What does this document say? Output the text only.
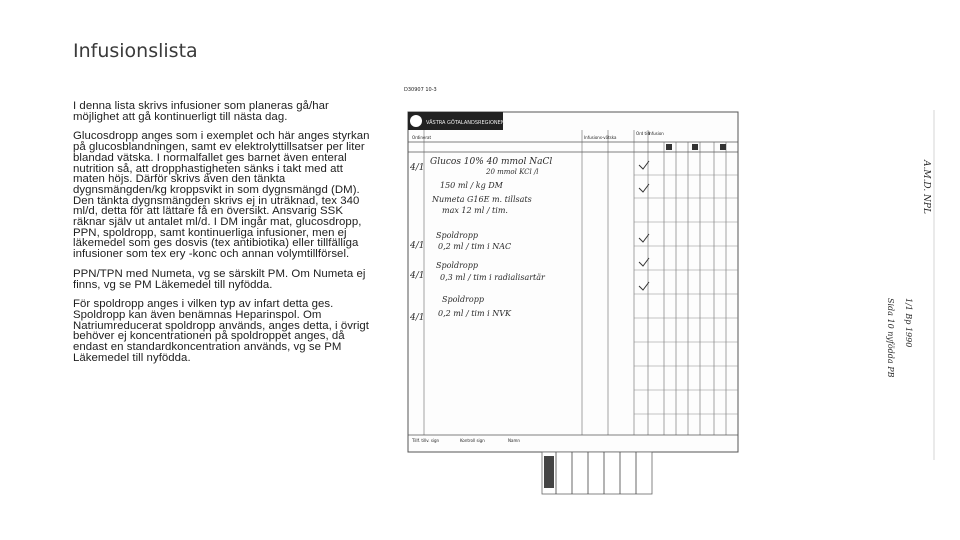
Infusionslista

I denna lista skrivs infusioner som planeras gå/har möjlighet att gå kontinuerligt till nästa dag.

Glucosdropp anges som i exemplet och här anges styrkan på glucosblandningen, samt ev elektrolyttillsatser per liter blandad vätska. I normalfallet ges barnet även enteral nutrition så, att dropphastigheten sänks i takt med att maten höjs. Därför skrivs även den tänkta dygnsmängden/kg kroppsvikt in som dygnsmängd (DM). Den tänkta dygnsmängden skrivs ej in uträknad, tex 340 ml/d, detta för att lättare få en översikt. Ansvarig SSK räknar själv ut antalet ml/d. I DM ingår mat, glucosdropp, PPN, spoldropp, samt kontinuerliga infusioner, men ej läkemedel som ges dosvis (tex antibiotika) eller tillfälliga infusioner som tex ery -konc och annan volymtillförsel.

PPN/TPN med Numeta, vg se särskilt PM. Om Numeta ej finns, vg se PM Läkemedel till nyfödda.

För spoldropp anges i vilken typ av infart detta ges. Spoldropp kan även benämnas Heparinspol. Om Natriumreducerat spoldropp används, anges detta, i övrigt behöver ej koncentrationen på spoldroppet anges, då endast en standardkoncentration används, vg se PM Läkemedel till nyfödda.

D30907 10-3
VÄSTRA GÖTALANDSREGIONEN
Ordinerat	Infusions-vätska
Ord tid
Infusion
4/1
Glucos 10% 40 mmol NaCl
20 mmol KCl /l
150 ml / kg DM
Numeta G16E m. tillsats
max 12 ml / tim.
4/1
Spoldropp
0,2 ml / tim i NAC
4/1
Spoldropp
0,3 ml / tim i radialisartär
4/1
Spoldropp
0,2 ml / tim i NVK
Tillf. tillv. sign	Kontroll sign	Namn
A.M.D. NPL
1/1 Bp 1990
Sida 10 nyfödda PB
